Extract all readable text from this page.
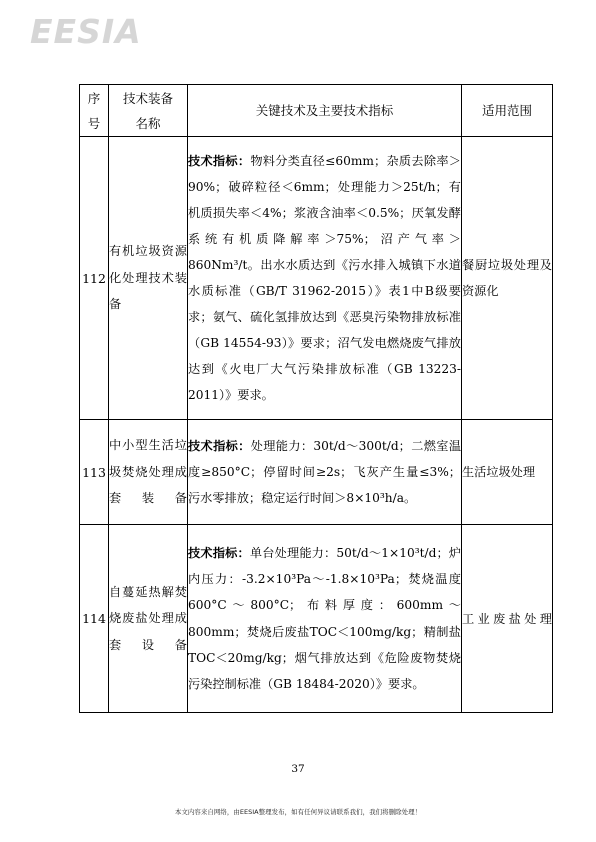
EESIA
序号	技术装备名称	关键技术及主要技术指标	适用范围
112	有机垃圾资源化处理技术装备	技术指标：物料分类直径≤60mm；杂质去除率＞90%；破碎粒径＜6mm；处理能力＞25t/h；有机质损失率＜4%；浆液含油率＜0.5%；厌氧发酵系统有机质降解率＞75%；沼产气率＞860Nm³/t。出水水质达到《污水排入城镇下水道水质标准（GB/T 31962-2015）》表1中B级要求；氨气、硫化氢排放达到《恶臭污染物排放标准（GB 14554-93）》要求；沼气发电燃烧废气排放达到《火电厂大气污染排放标准（GB 13223-2011）》要求。	餐厨垃圾处理及资源化
113	中小型生活垃圾焚烧处理成套装备	技术指标：处理能力：30t/d～300t/d；二燃室温度≥850°C；停留时间≥2s；飞灰产生量≤3%；污水零排放；稳定运行时间＞8×10³h/a。	生活垃圾处理
114	自蔓延热解焚烧废盐处理成套设备	技术指标：单台处理能力：50t/d～1×10³t/d；炉内压力：-3.2×10³Pa～-1.8×10³Pa；焚烧温度600°C～800°C；布料厚度：600mm～800mm；焚烧后废盐TOC＜100mg/kg；精制盐TOC＜20mg/kg；烟气排放达到《危险废物焚烧污染控制标准（GB 18484-2020）》要求。	工业废盐处理
37
本文内容来自网络，由EESIA整理发布，如有任何异议请联系我们，我们将删除处理！
